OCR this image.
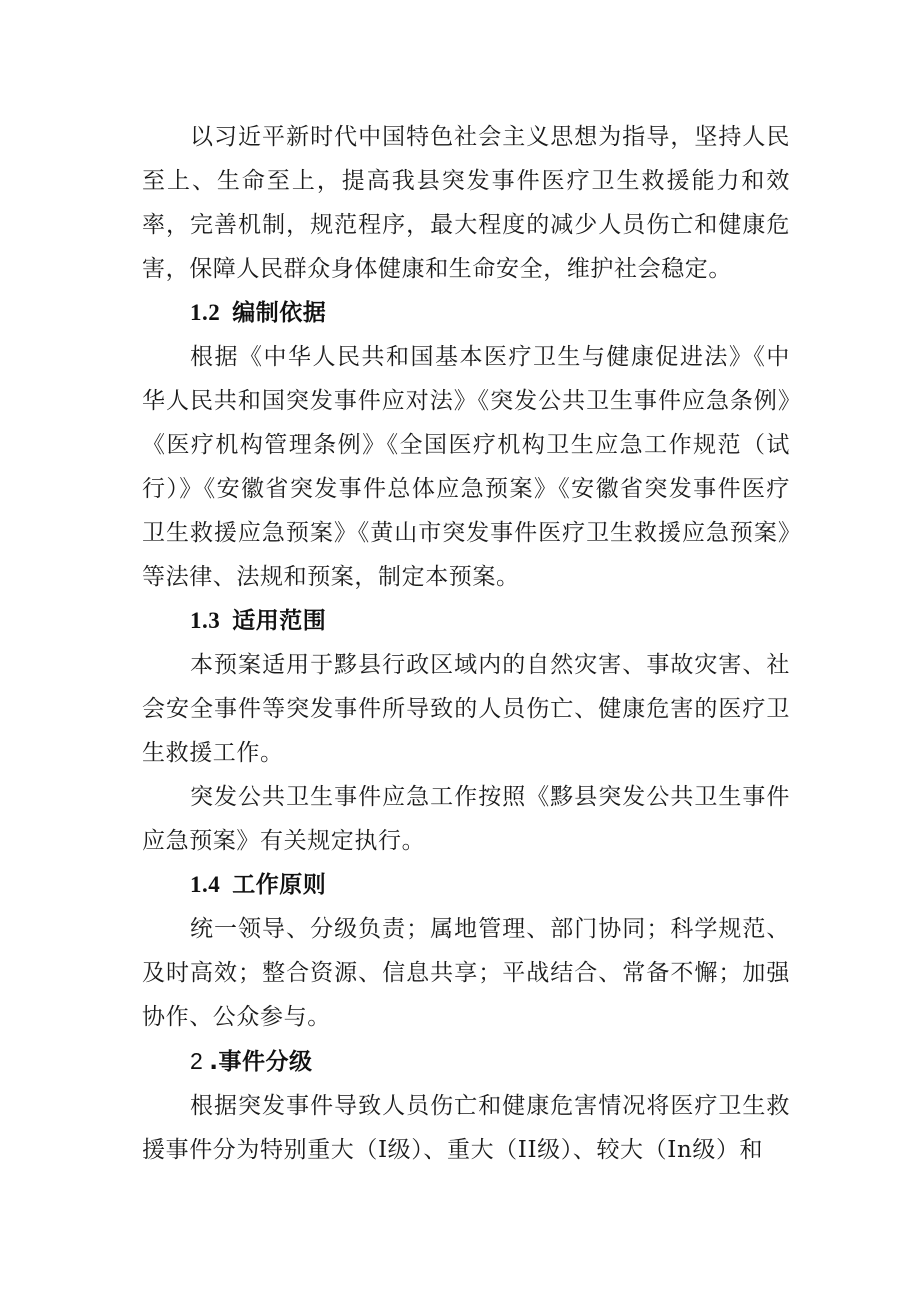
以习近平新时代中国特色社会主义思想为指导，坚持人民至上、生命至上，提高我县突发事件医疗卫生救援能力和效率，完善机制，规范程序，最大程度的减少人员伤亡和健康危害，保障人民群众身体健康和生命安全，维护社会稳定。

1.2 编制依据

根据《中华人民共和国基本医疗卫生与健康促进法》《中华人民共和国突发事件应对法》《突发公共卫生事件应急条例》《医疗机构管理条例》《全国医疗机构卫生应急工作规范（试行）》《安徽省突发事件总体应急预案》《安徽省突发事件医疗卫生救援应急预案》《黄山市突发事件医疗卫生救援应急预案》等法律、法规和预案，制定本预案。

1.3 适用范围

本预案适用于黟县行政区域内的自然灾害、事故灾害、社会安全事件等突发事件所导致的人员伤亡、健康危害的医疗卫生救援工作。

突发公共卫生事件应急工作按照《黟县突发公共卫生事件应急预案》有关规定执行。

1.4 工作原则

统一领导、分级负责；属地管理、部门协同；科学规范、及时高效；整合资源、信息共享；平战结合、常备不懈；加强协作、公众参与。

2 .事件分级

根据突发事件导致人员伤亡和健康危害情况将医疗卫生救援事件分为特别重大（I级）、重大（II级）、较大（In级）和
